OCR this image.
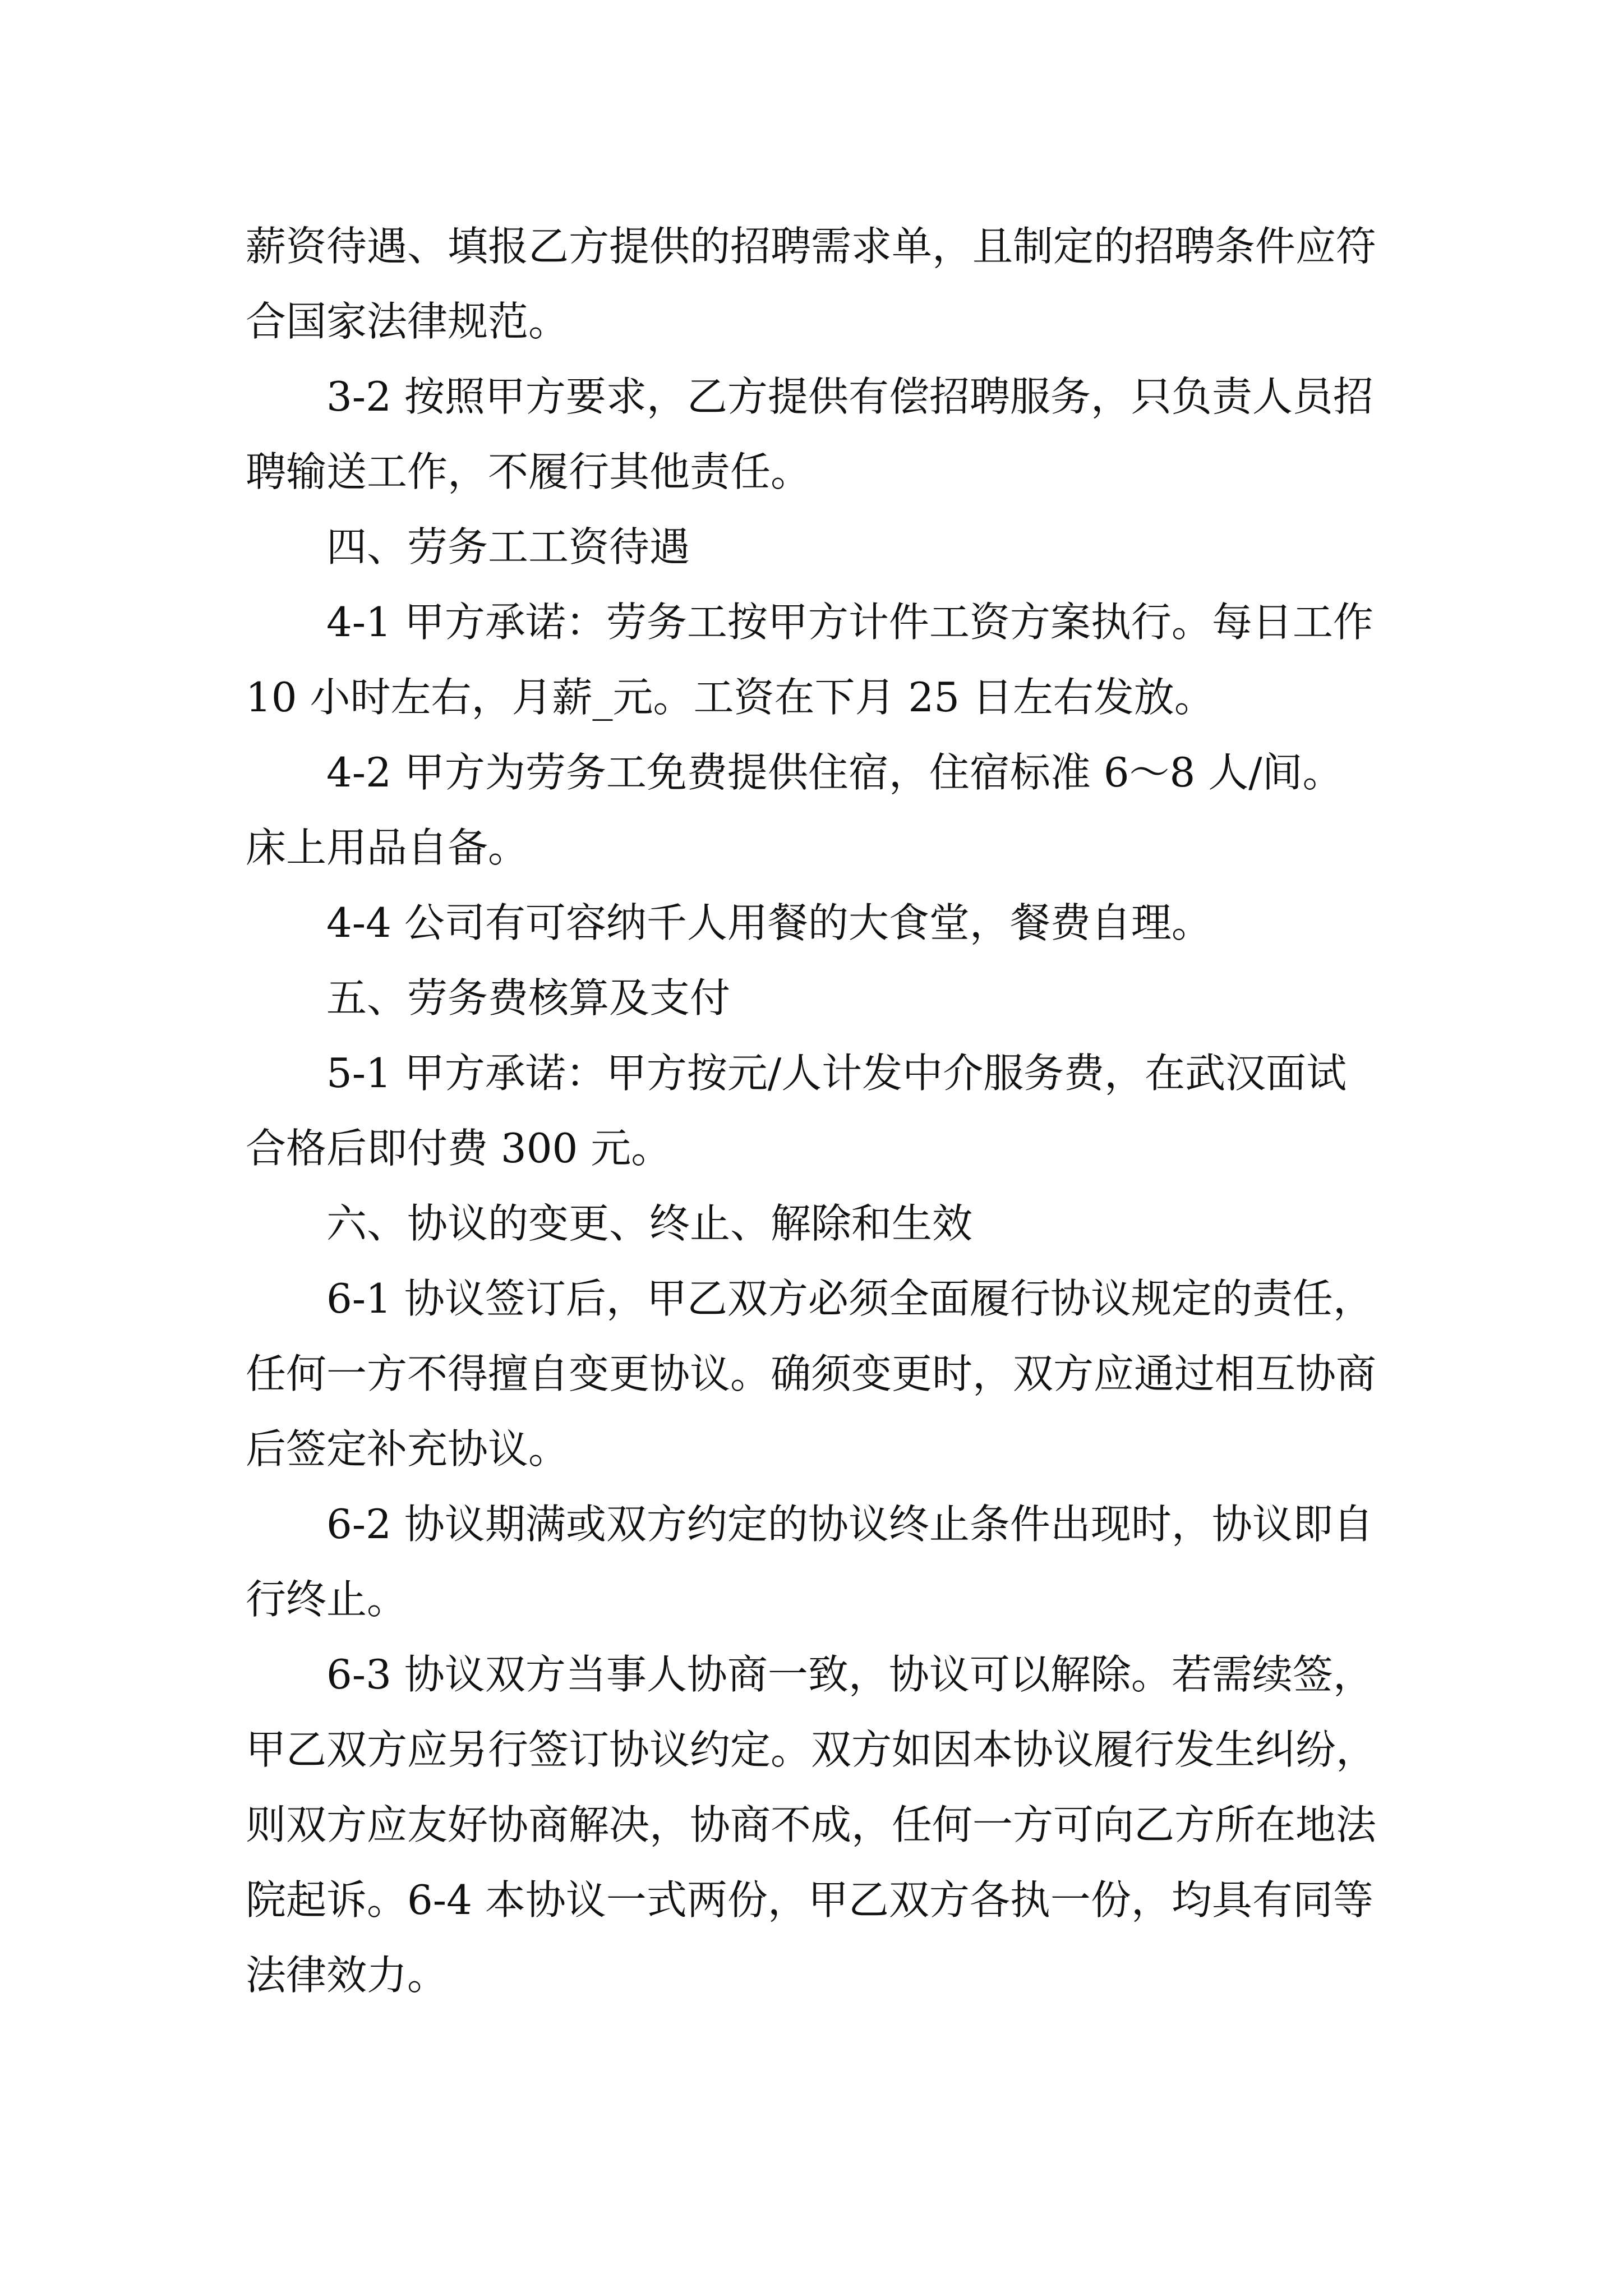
薪资待遇、填报乙方提供的招聘需求单，且制定的招聘条件应符合国家法律规范。

3-2 按照甲方要求，乙方提供有偿招聘服务，只负责人员招聘输送工作，不履行其他责任。

四、劳务工工资待遇

4-1 甲方承诺：劳务工按甲方计件工资方案执行。每日工作 10 小时左右，月薪_元。工资在下月 25 日左右发放。

4-2 甲方为劳务工免费提供住宿，住宿标准 6～8 人/间。床上用品自备。

4-4 公司有可容纳千人用餐的大食堂，餐费自理。

五、劳务费核算及支付

5-1 甲方承诺：甲方按元/人计发中介服务费，在武汉面试合格后即付费 300 元。

六、协议的变更、终止、解除和生效

6-1 协议签订后，甲乙双方必须全面履行协议规定的责任，任何一方不得擅自变更协议。确须变更时，双方应通过相互协商后签定补充协议。

6-2 协议期满或双方约定的协议终止条件出现时，协议即自行终止。

6-3 协议双方当事人协商一致，协议可以解除。若需续签，甲乙双方应另行签订协议约定。双方如因本协议履行发生纠纷，则双方应友好协商解决，协商不成，任何一方可向乙方所在地法院起诉。6-4 本协议一式两份，甲乙双方各执一份，均具有同等法律效力。
